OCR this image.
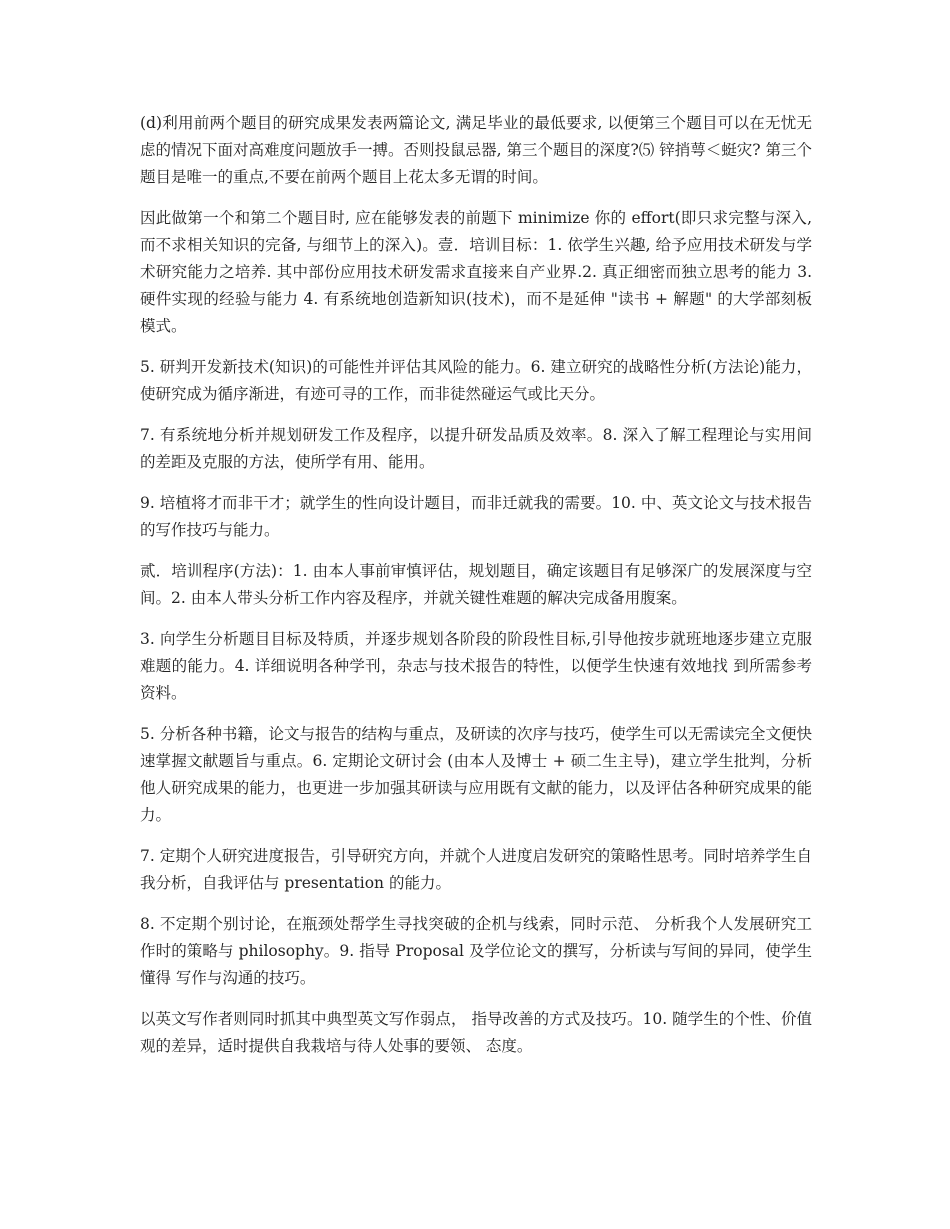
(d)利用前两个题目的研究成果发表两篇论文, 满足毕业的最低要求, 以便第三个题目可以在无忧无虑的情况下面对高难度问题放手一搏。否则投鼠忌器, 第三个题目的深度?⑸ 锌捎萼＜蜓灾? 第三个题目是唯一的重点,不要在前两个题目上花太多无谓的时间。

因此做第一个和第二个题目时, 应在能够发表的前题下 minimize 你的 effort(即只求完整与深入, 而不求相关知识的完备, 与细节上的深入)。壹．培训目标：1. 依学生兴趣, 给予应用技术研发与学术研究能力之培养. 其中部份应用技术研发需求直接来自产业界.2. 真正细密而独立思考的能力 3. 硬件实现的经验与能力 4. 有系统地创造新知识(技术)，而不是延伸 "读书 + 解题" 的大学部刻板模式。

5. 研判开发新技术(知识)的可能性并评估其风险的能力。6. 建立研究的战略性分析(方法论)能力，使研究成为循序渐进，有迹可寻的工作，而非徒然碰运气或比天分。

7. 有系统地分析并规划研发工作及程序，以提升研发品质及效率。8. 深入了解工程理论与实用间的差距及克服的方法，使所学有用、能用。

9. 培植将才而非干才；就学生的性向设计题目，而非迁就我的需要。10. 中、英文论文与技术报告的写作技巧与能力。

贰．培训程序(方法)：1. 由本人事前审慎评估，规划题目，确定该题目有足够深广的发展深度与空间。2. 由本人带头分析工作内容及程序，并就关键性难题的解决完成备用腹案。

3. 向学生分析题目目标及特质，并逐步规划各阶段的阶段性目标,引导他按步就班地逐步建立克服难题的能力。4. 详细说明各种学刊，杂志与技术报告的特性，以便学生快速有效地找 到所需参考资料。

5. 分析各种书籍，论文与报告的结构与重点，及研读的次序与技巧，使学生可以无需读完全文便快速掌握文献题旨与重点。6. 定期论文研讨会 (由本人及博士 + 硕二生主导)，建立学生批判，分析他人研究成果的能力，也更进一步加强其研读与应用既有文献的能力，以及评估各种研究成果的能力。

7. 定期个人研究进度报告，引导研究方向，并就个人进度启发研究的策略性思考。同时培养学生自我分析，自我评估与 presentation 的能力。

8. 不定期个别讨论，在瓶颈处帮学生寻找突破的企机与线索，同时示范、 分析我个人发展研究工作时的策略与 philosophy。9. 指导 Proposal 及学位论文的撰写，分析读与写间的异同，使学生懂得 写作与沟通的技巧。

以英文写作者则同时抓其中典型英文写作弱点， 指导改善的方式及技巧。10. 随学生的个性、价值观的差异，适时提供自我栽培与待人处事的要领、 态度。
